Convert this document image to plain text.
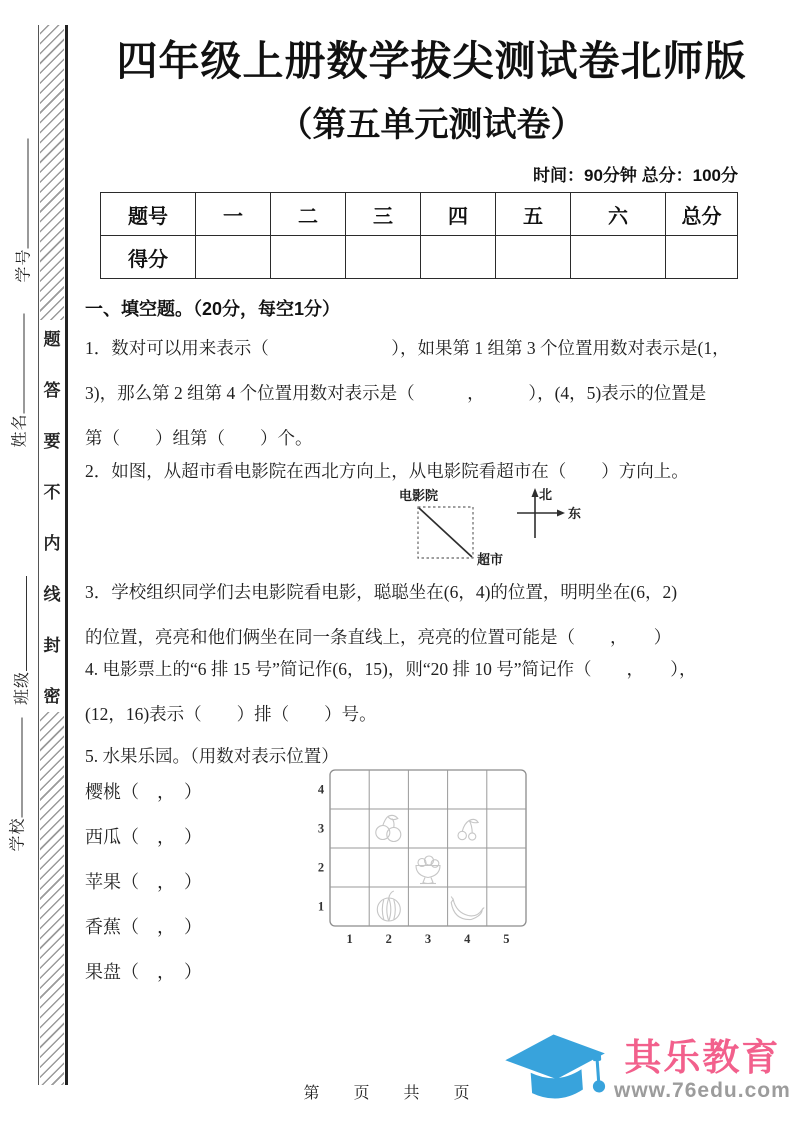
学号
姓名
班级
学校
题
答
要
不
内
线
封
密
四年级上册数学拔尖测试卷北师版
（第五单元测试卷）
时间：90分钟 总分：100分
题号	一	二	三	四	五	六	总分
得分							
一、填空题。（20分，每空1分）
1．数对可以用来表示（　　　　　　　），如果第 1 组第 3 个位置用数对表示是(1，
3)，那么第 2 组第 4 个位置用数对表示是（　　　，　　　），(4，5)表示的位置是
第（　　）组第（　　）个。
2．如图，从超市看电影院在西北方向上，从电影院看超市在（　　）方向上。
电影院
超市
北
东
3．学校组织同学们去电影院看电影，聪聪坐在(6，4)的位置，明明坐在(6，2)
的位置，亮亮和他们俩坐在同一条直线上，亮亮的位置可能是（　　，　　）
4. 电影票上的“6 排 15 号”简记作(6，15)，则“20 排 10 号”简记作（　　，　　），
(12，16)表示（　　）排（　　）号。
5. 水果乐园。（用数对表示位置）
樱桃（　，　）
西瓜（　，　）
苹果（　，　）
香蕉（　，　）
果盘（　，　）
4
3
2
1
1	2	3	4	5
第　页　共　页
其乐教育
www.76edu.com
